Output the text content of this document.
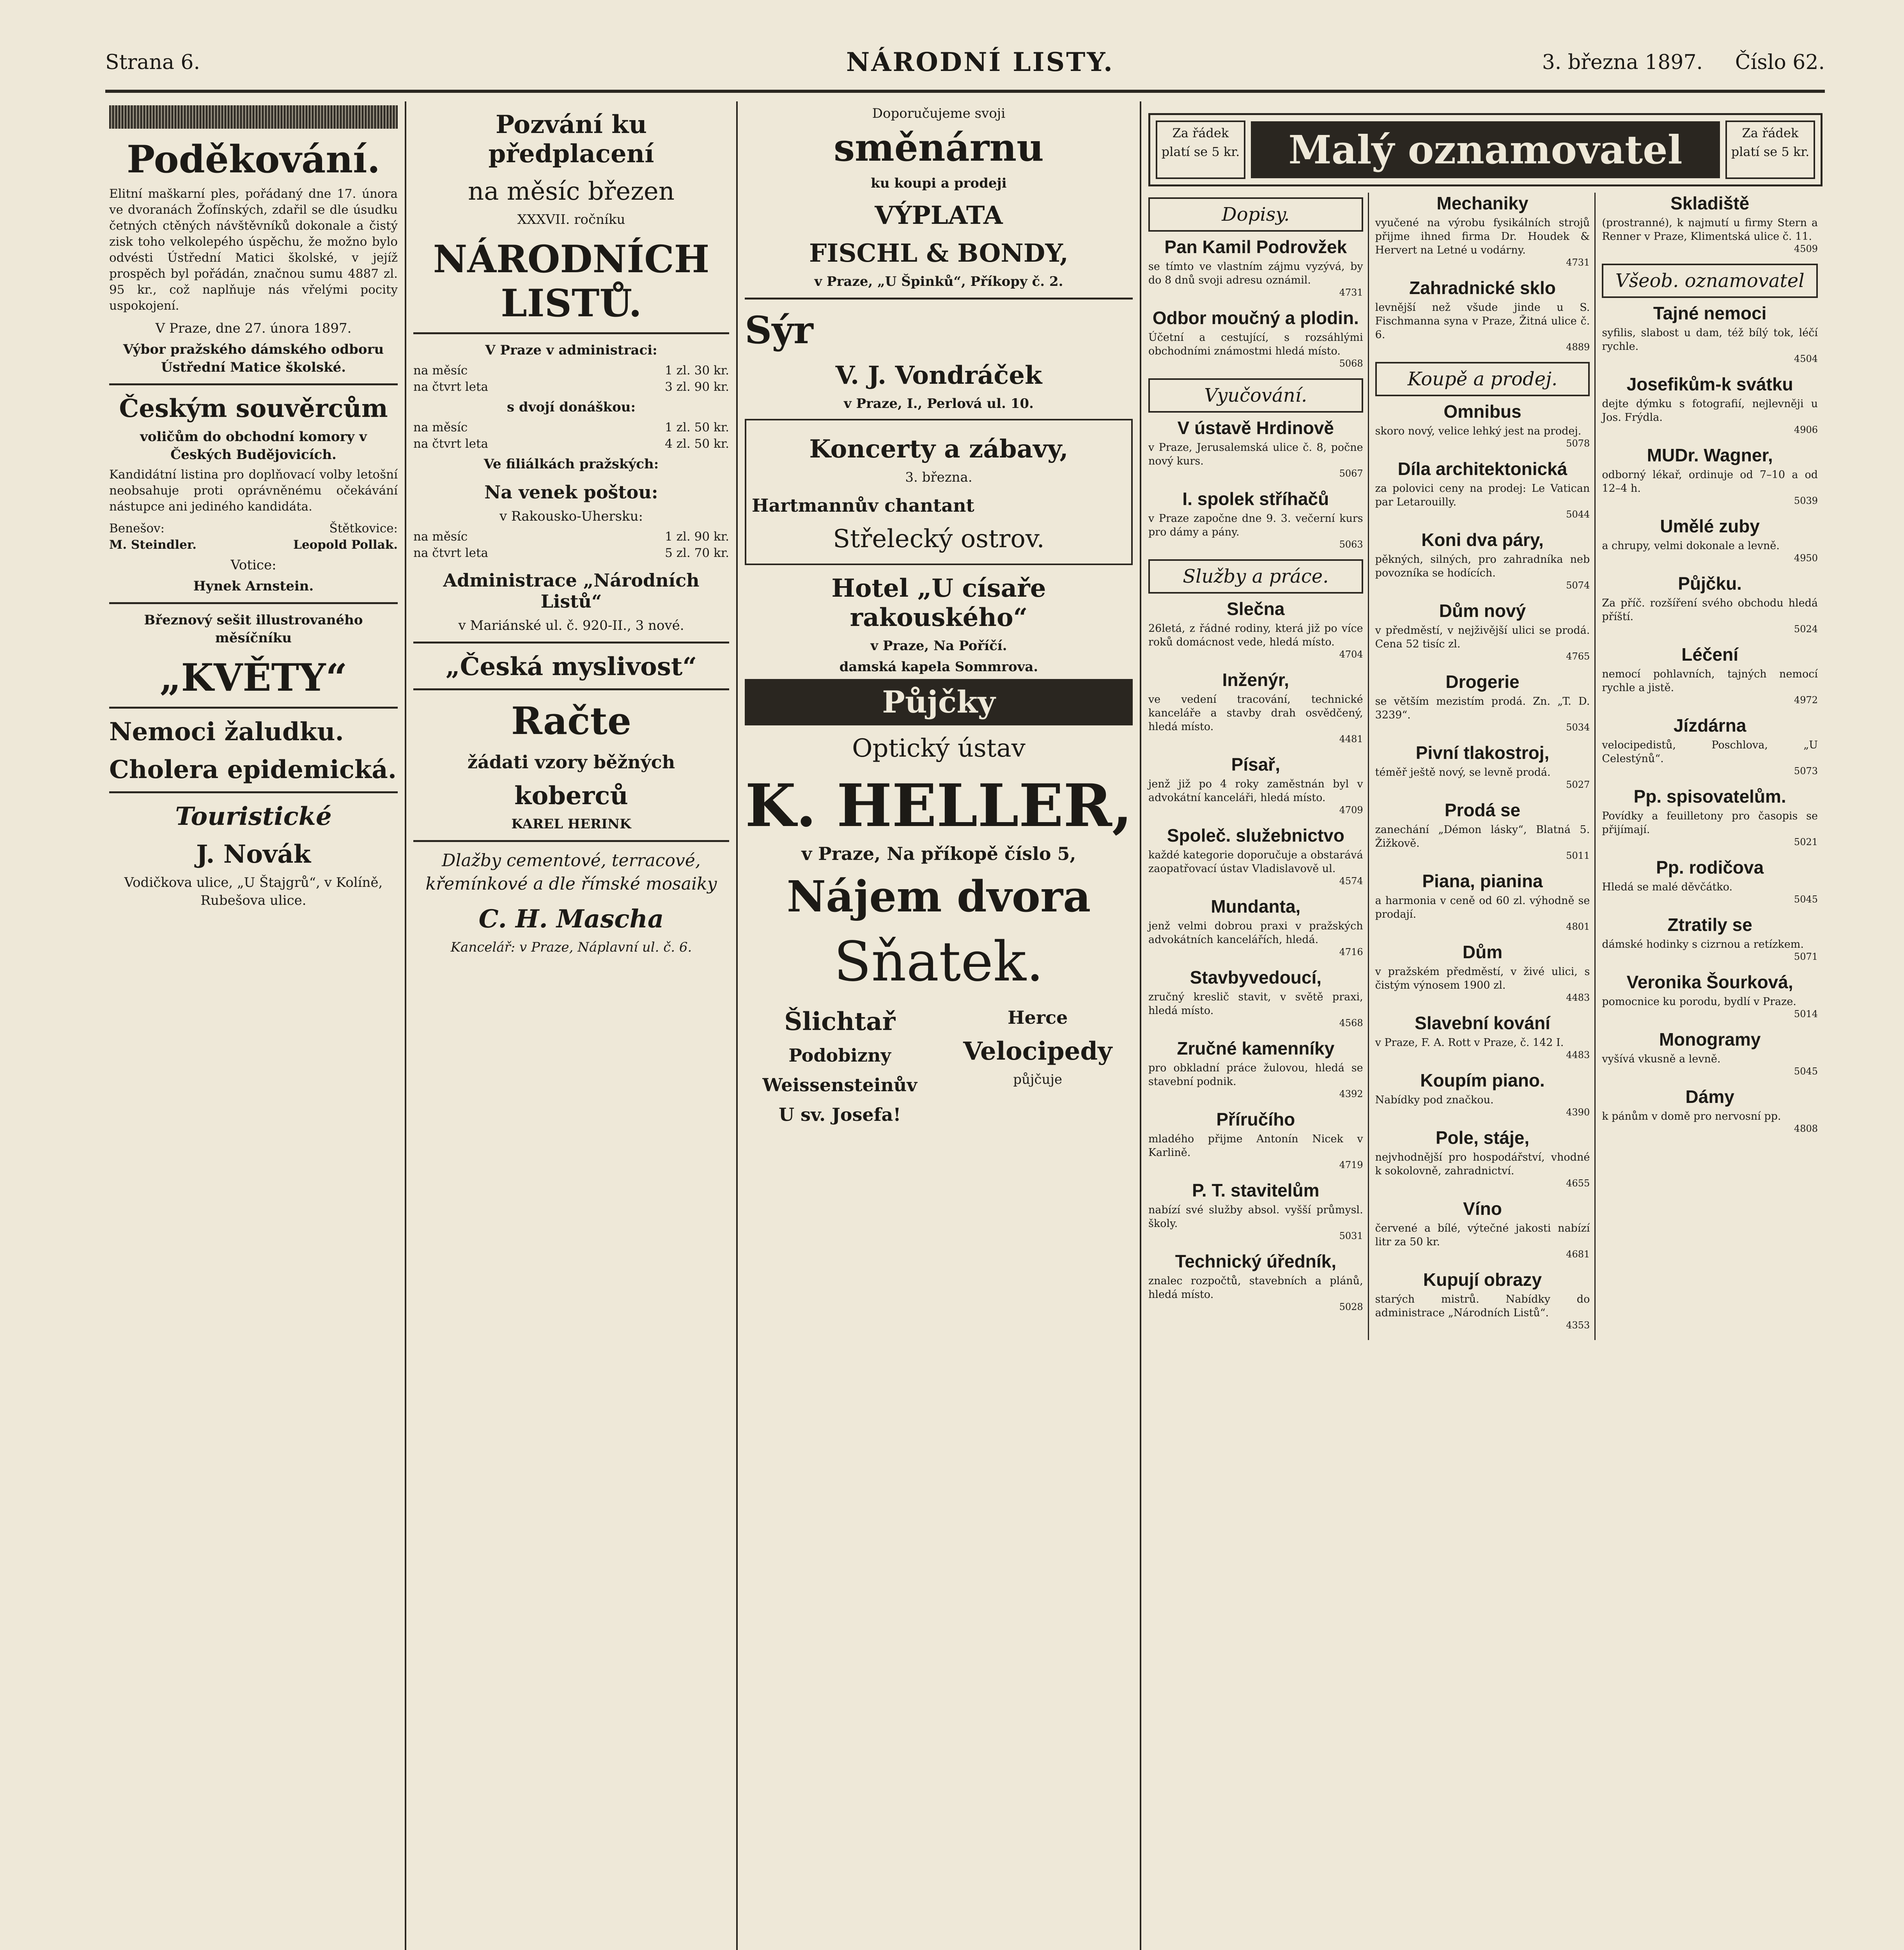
Strana 6.	NÁRODNÍ LISTY.	3. března 1897. Číslo 62.
Poděkování.

Elitní maškarní ples, pořádaný dne 17. února ve dvoranách Žofínských, zdařil se dle úsudku četných ctěných návštěvníků dokonale a čistý zisk toho velkolepého úspěchu, že možno bylo odvésti Ústřední Matici školské, v jejíž prospěch byl pořádán, značnou sumu 4887 zl. 95 kr., což naplňuje nás vřelými pocity uspokojení.

V Praze, dne 27. února 1897.

Výbor pražského dámského odboru Ústřední Matice školské.

Českým souvěrcům

voličům do obchodní komory v Českých Budějovicích.

Kandidátní listina pro doplňovací volby letošní neobsahuje proti oprávněnému očekávání nástupce ani jediného kandidáta.

Benešov:	Štětkovice:
M. Steindler.	Leopold Pollak.

Votice:

Hynek Arnstein.

Březnový sešit illustrovaného měsíčníku

„KVĚTY“
Nemoci žaludku.
Cholera epidemická.
Touristické
J. Novák

Vodičkova ulice, „U Štajgrů“, v Kolíně, Rubešova ulice.

Pozvání ku předplacení
na měsíc březen
XXXVII. ročníku
NÁRODNÍCH LISTŮ.

V Praze v administraci:

na měsíc	1 zl. 30 kr.
na čtvrt leta	3 zl. 90 kr.

s dvojí donáškou:

na měsíc	1 zl. 50 kr.
na čtvrt leta	4 zl. 50 kr.

Ve filiálkách pražských:

Na venek poštou:

v Rakousko-Uhersku:

na měsíc	1 zl. 90 kr.
na čtvrt leta	5 zl. 70 kr.
Administrace „Národních Listů“

v Mariánské ul. č. 920-II., 3 nové.

„Česká myslivost“
Račte
žádati vzory běžných
koberců

KAREL HERINK

Dlažby cementové, terracové, křemínkové a dle římské mosaiky

C. H. Mascha

Kancelář: v Praze, Náplavní ul. č. 6.

Doporučujeme svoji

směnárnu

ku koupi a prodeji

VÝPLATA
FISCHL & BONDY,

v Praze, „U Špinků“, Příkopy č. 2.

Sýr
V. J. Vondráček

v Praze, I., Perlová ul. 10.

Koncerty a zábavy,

3. března.

Hartmannův chantant
Střelecký ostrov.
Hotel „U císaře rakouského“

v Praze, Na Poříčí.

damská kapela Sommrova.

Půjčky
Optický ústav
K. HELLER,

v Praze, Na příkopě číslo 5,

Nájem dvora
Sňatek.
Šlichtař
Podobizny
Weissensteinův
U sv. Josefa!
Herce
Velocipedy

půjčuje

Za řádek platí se 5 kr.	Malý oznamovatel	Za řádek platí se 5 kr.
Dopisy.
Pan Kamil Podrovžek

se tímto ve vlastním zájmu vyzývá, by do 8 dnů svoji adresu oznámil.

4731
Odbor moučný a plodin.

Účetní a cestující, s rozsáhlými obchodními známostmi hledá místo.

5068
Vyučování.
V ústavě Hrdinově

v Praze, Jerusalemská ulice č. 8, počne nový kurs.

5067
I. spolek stříhačů

v Praze započne dne 9. 3. večerní kurs pro dámy a pány.

5063
Služby a práce.
Slečna

26letá, z řádné rodiny, která již po více roků domácnost vede, hledá místo.

4704
Inženýr,

ve vedení tracování, technické kanceláře a stavby drah osvědčený, hledá místo.

4481
Písař,

jenž již po 4 roky zaměstnán byl v advokátní kanceláři, hledá místo.

4709
Společ. služebnictvo

každé kategorie doporučuje a obstarává zaopatřovací ústav Vladislavově ul.

4574
Mundanta,

jenž velmi dobrou praxi v pražských advokátních kancelářích, hledá.

4716
Stavbyvedoucí,

zručný kreslič stavit, v světě praxi, hledá místo.

4568
Zručné kamenníky

pro obkladní práce žulovou, hledá se stavební podnik.

4392
Příručího

mladého přijme Antonín Nicek v Karlině.

4719
P. T. stavitelům

nabízí své služby absol. vyšší průmysl. školy.

5031
Technický úředník,

znalec rozpočtů, stavebních a plánů, hledá místo.

5028
Mechaniky

vyučené na výrobu fysikálních strojů přijme ihned firma Dr. Houdek & Hervert na Letné u vodárny.

4731
Zahradnické sklo

levnější než všude jinde u S. Fischmanna syna v Praze, Žitná ulice č. 6.

4889
Koupě a prodej.
Omnibus

skoro nový, velice lehký jest na prodej.

5078
Díla architektonická

za polovici ceny na prodej: Le Vatican par Letarouilly.

5044
Koni dva páry,

pěkných, silných, pro zahradníka neb povozníka se hodících.

5074
Dům nový

v předměstí, v nejživější ulici se prodá. Cena 52 tisíc zl.

4765
Drogerie

se větším mezistím prodá. Zn. „T. D. 3239“.

5034
Pivní tlakostroj,

téměř ještě nový, se levně prodá.

5027
Prodá se

zanechání „Démon lásky“, Blatná 5. Žižkově.

5011
Piana, pianina

a harmonia v ceně od 60 zl. výhodně se prodají.

4801
Dům

v pražském předměstí, v živé ulici, s čistým výnosem 1900 zl.

4483
Slavební kování

v Praze, F. A. Rott v Praze, č. 142 I.

4483
Koupím piano.

Nabídky pod značkou.

4390
Pole, stáje,

nejvhodnější pro hospodářství, vhodné k sokolovně, zahradnictví.

4655
Víno

červené a bílé, výtečné jakosti nabízí litr za 50 kr.

4681
Kupují obrazy

starých mistrů. Nabídky do administrace „Národních Listů“.

4353
Skladiště

(prostranné), k najmutí u firmy Stern a Renner v Praze, Klimentská ulice č. 11.

4509
Všeob. oznamovatel
Tajné nemoci

syfilis, slabost u dam, též bílý tok, léčí rychle.

4504
Josefikům-k svátku

dejte dýmku s fotografií, nejlevněji u Jos. Frýdla.

4906
MUDr. Wagner,

odborný lékař, ordinuje od 7–10 a od 12–4 h.

5039
Umělé zuby

a chrupy, velmi dokonale a levně.

4950
Půjčku.

Za příč. rozšíření svého obchodu hledá příští.

5024
Léčení

nemocí pohlavních, tajných nemocí rychle a jistě.

4972
Jízdárna

velocipedistů, Poschlova, „U Celestýnů“.

5073
Pp. spisovatelům.

Povídky a feuilletony pro časopis se přijímají.

5021
Pp. rodičova

Hledá se malé děvčátko.

5045
Ztratily se

dámské hodinky s cizrnou a retízkem.

5071
Veronika Šourková,

pomocnice ku porodu, bydlí v Praze.

5014
Monogramy

vyšívá vkusně a levně.

5045
Dámy

k pánům v domě pro nervosní pp.

4808
